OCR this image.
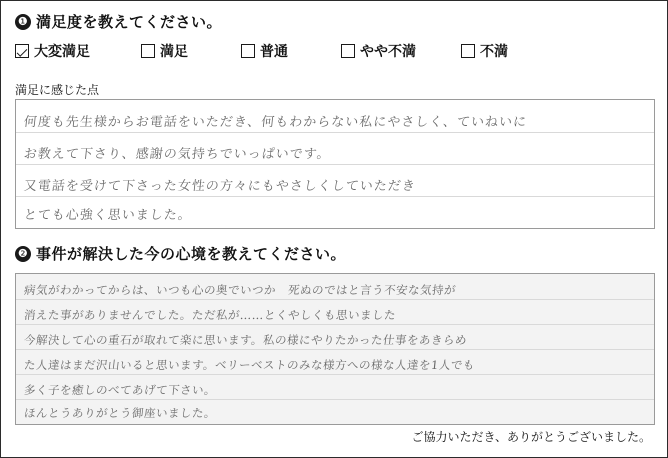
❶ 満足度を教えてください。
大変満足	満足	普通	やや不満	不満
満足に感じた点
何度も先生様からお電話をいただき、何もわからない私にやさしく、ていねいに
お教えて下さり、感謝の気持ちでいっぱいです。
又電話を受けて下さった女性の方々にもやさしくしていただき
とても心強く思いました。
❷ 事件が解決した今の心境を教えてください。
病気がわかってからは、いつも心の奥でいつか　死ぬのではと言う不安な気持が
消えた事がありませんでした。ただ私が……とくやしくも思いました
今解決して心の重石が取れて楽に思います。私の様にやりたかった仕事をあきらめ
た人達はまだ沢山いると思います。ベリーベストのみな様方への様な人達を1人でも
多く子を癒しのべてあげて下さい。
ほんとうありがとう御座いました。
ご協力いただき、ありがとうございました。
